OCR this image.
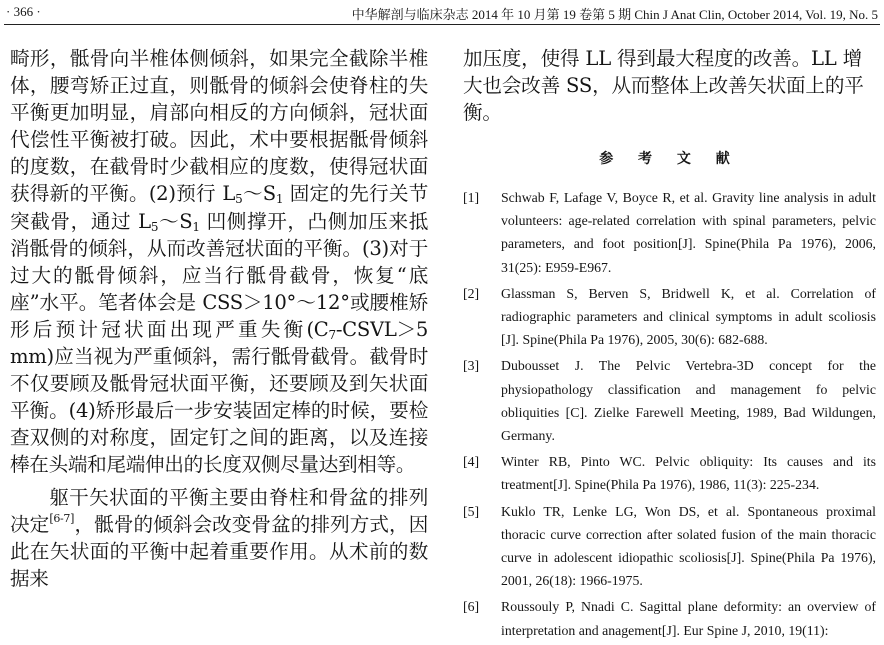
· 366 ·	中华解剖与临床杂志 2014 年 10 月第 19 卷第 5 期 Chin J Anat Clin, October 2014, Vol. 19, No. 5

畸形，骶骨向半椎体侧倾斜，如果完全截除半椎体，腰弯矫正过直，则骶骨的倾斜会使脊柱的失平衡更加明显，肩部向相反的方向倾斜，冠状面代偿性平衡被打破。因此，术中要根据骶骨倾斜的度数，在截骨时少截相应的度数，使得冠状面获得新的平衡。(2)预行 $L_5\sim S_1$ 固定的先行关节突截骨，通过 $L_5\sim S_1$ 凹侧撑开，凸侧加压来抵消骶骨的倾斜，从而改善冠状面的平衡。(3)对于过大的骶骨倾斜，应当行骶骨截骨，恢复“底座”水平。笔者体会是 CSS＞10°～12°或腰椎矫形后预计冠状面出现严重失衡($C_7-CSVL>5$ mm)应当视为严重倾斜，需行骶骨截骨。截骨时不仅要顾及骶骨冠状面平衡，还要顾及到矢状面平衡。(4)矫形最后一步安装固定棒的时候，要检查双侧的对称度，固定钉之间的距离，以及连接棒在头端和尾端伸出的长度双侧尽量达到相等。

躯干矢状面的平衡主要由脊柱和骨盆的排列决定[6-7]，骶骨的倾斜会改变骨盆的排列方式，因此在矢状面的平衡中起着重要作用。从术前的数据来

加压度，使得 LL 得到最大程度的改善。LL 增大也会改善 SS，从而整体上改善矢状面上的平衡。

参 考 文 献
[1]	Schwab F, Lafage V, Boyce R, et al. Gravity line analysis in adult volunteers: age-related correlation with spinal parameters, pelvic parameters, and foot position[J]. Spine(Phila Pa 1976), 2006, 31(25): E959-E967.
[2]	Glassman S, Berven S, Bridwell K, et al. Correlation of radiographic parameters and clinical symptoms in adult scoliosis [J]. Spine(Phila Pa 1976), 2005, 30(6): 682-688.
[3]	Dubousset J. The Pelvic Vertebra-3D concept for the physiopathology classification and management fo pelvic obliquities [C]. Zielke Farewell Meeting, 1989, Bad Wildungen, Germany.
[4]	Winter RB, Pinto WC. Pelvic obliquity: Its causes and its treatment[J]. Spine(Phila Pa 1976), 1986, 11(3): 225-234.
[5]	Kuklo TR, Lenke LG, Won DS, et al. Spontaneous proximal thoracic curve correction after solated fusion of the main thoracic curve in adolescent idiopathic scoliosis[J]. Spine(Phila Pa 1976), 2001, 26(18): 1966-1975.
[6]	Roussouly P, Nnadi C. Sagittal plane deformity: an overview of interpretation and anagement[J]. Eur Spine J, 2010, 19(11):
